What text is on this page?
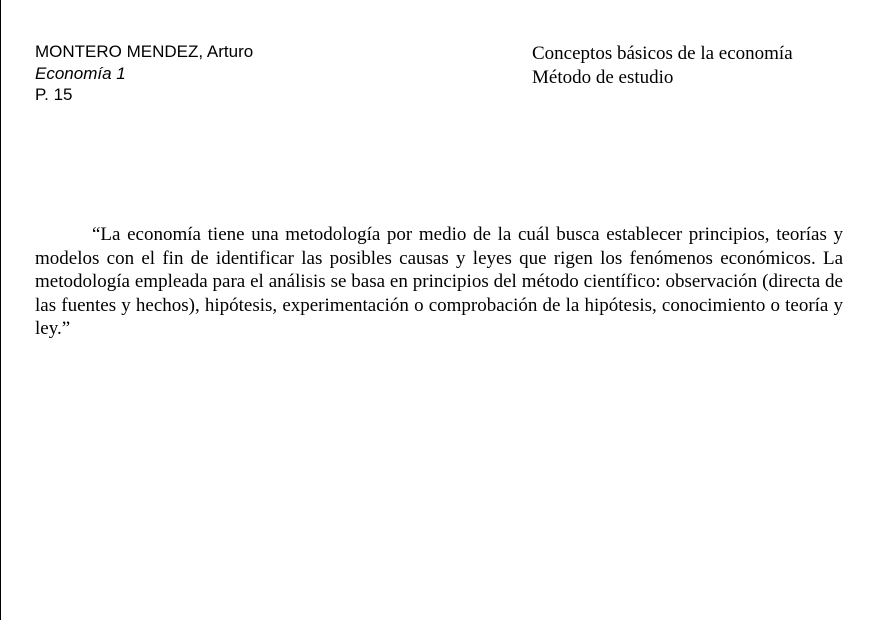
MONTERO MENDEZ, Arturo
Economía 1
P. 15
Conceptos básicos de la economía
Método de estudio

“La economía tiene una metodología por medio de la cuál busca establecer principios, teorías y modelos con el fin de identificar las posibles causas y leyes que rigen los fenómenos económicos. La metodología empleada para el análisis se basa en principios del método científico: observación (directa de las fuentes y hechos), hipótesis, experimentación o comprobación de la hipótesis, conocimiento o teoría y ley.”
